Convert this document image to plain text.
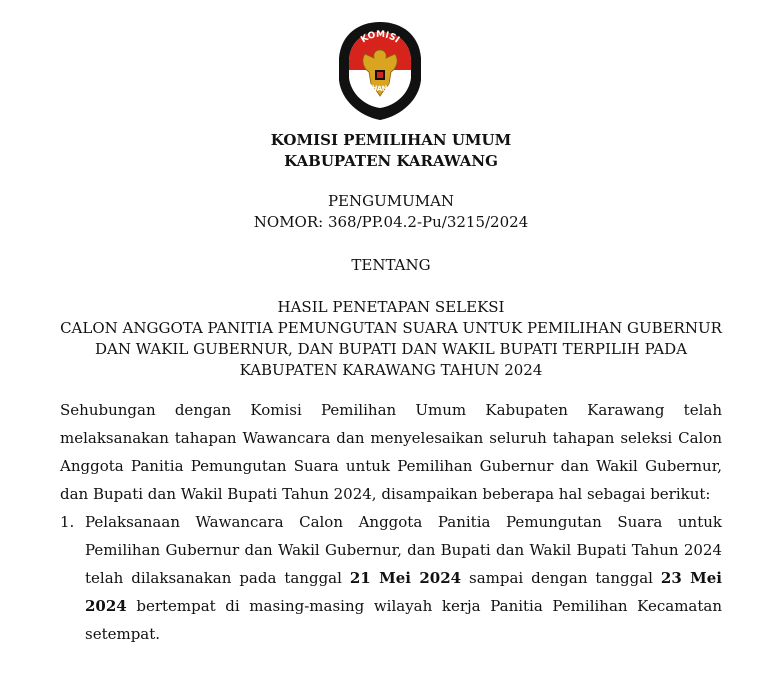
KOMISI
PEMILIHAN UMUM
KOMISI PEMILIHAN UMUM
KABUPATEN KARAWANG
PENGUMUMAN
NOMOR: 368/PP.04.2-Pu/3215/2024
TENTANG
HASIL PENETAPAN SELEKSI
CALON ANGGOTA PANITIA PEMUNGUTAN SUARA UNTUK PEMILIHAN GUBERNUR
DAN WAKIL GUBERNUR, DAN BUPATI DAN WAKIL BUPATI TERPILIH PADA
KABUPATEN KARAWANG TAHUN 2024
Sehubungan dengan Komisi Pemilihan Umum Kabupaten Karawang telah melaksanakan tahapan Wawancara dan menyelesaikan seluruh tahapan seleksi Calon Anggota Panitia Pemungutan Suara untuk Pemilihan Gubernur dan Wakil Gubernur, dan Bupati dan Wakil Bupati Tahun 2024, disampaikan beberapa hal sebagai berikut:
1. Pelaksanaan Wawancara Calon Anggota Panitia Pemungutan Suara untuk Pemilihan Gubernur dan Wakil Gubernur, dan Bupati dan Wakil Bupati Tahun 2024 telah dilaksanakan pada tanggal 21 Mei 2024 sampai dengan tanggal 23 Mei 2024 bertempat di masing-masing wilayah kerja Panitia Pemilihan Kecamatan setempat.
